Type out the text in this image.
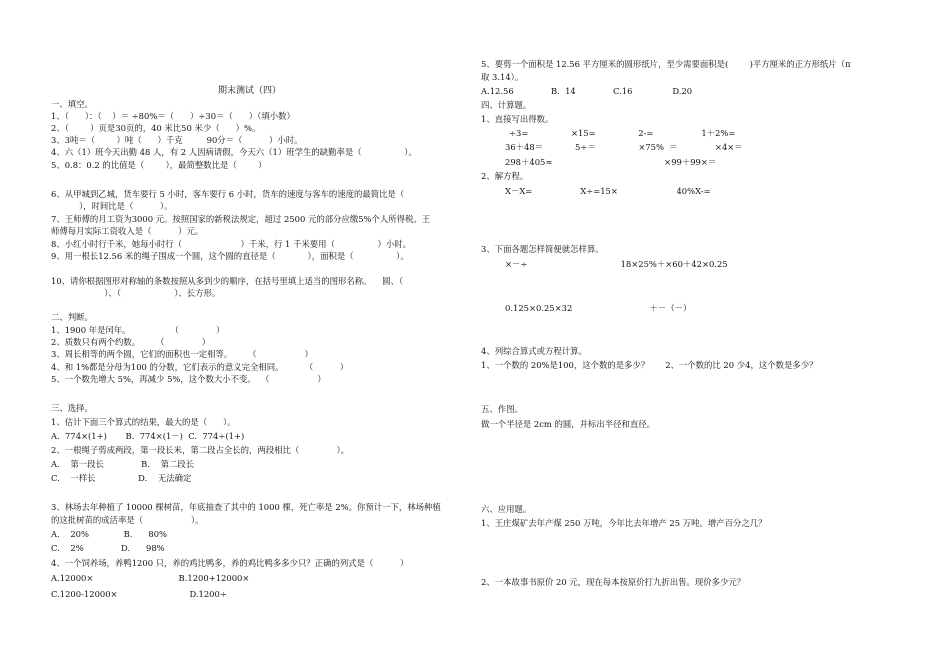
期末测试（四）
一、填空。
1、（      ）：（    ）＝ ÷80%＝（      ）÷30＝（      ）（填小数）
2、（        ）页是30页的，40 米比50 米少（      ）%。
3、3吨＝（        ）吨（      ）千克         90分＝（          ）小时。
4、六（1）班今天出勤 48 人，有 2 人因病请假，今天六（1）班学生的缺勤率是（                ）。
5、0.8：0.2 的比值是（        ），最简整数比是（        ）
6、从甲城到乙城，货车要行 5 小时，客车要行 6 小时，货车的速度与客车的速度的最简比是（
），时间比是（          ）。
7、王师傅的月工资为3000 元。按照国家的新税法规定，超过 2500 元的部分应缴5%个人所得税。王
师傅每月实际工资收入是（          ）元。
8、小红小时行千米，她每小时行（                      ）千米，行 1 千米要用（                ）小时。
9、用一根长12.56 米的绳子围成一个圆，这个圆的直径是（            ），面积是（                ）。
10、请你根据图形对称轴的条数按照从多到少的顺序，在括号里填上适当的图形名称。    圆、（
）、（                    ）、长方形。
二、判断。
1、1900 年是闰年。               （              ）
2、质数只有两个约数。      （              ）
3、周长相等的两个圆，它们的面积也一定相等。      （                  ）
4、和 1%都是分母为100 的分数，它们表示的意义完全相同。        （          ）
5、一个数先增大 5%，再减少 5%，这个数大小不变。  （                  ）
三、选择。
1、估计下面三个算式的结果，最大的是（      ）。
A.  774×(1+)       B.  774×(1－)  C.  774÷(1+)
2、一根绳子剪成两段，第一段长米，第二段占全长的，两段相比（              ）。
A.    第一段长              B.    第二段长
C.    一样长                D.    无法确定
3、林场去年种植了 10000 棵树苗，年底抽查了其中的 1000 棵，死亡率是 2%。你预计一下，林场种植
的这批树苗的成活率是（                  ）。
A.    20%             B.      80%
C.    2%              D.      98%
4、一个饲养场，养鸭1200 只，养的鸡比鸭多，养的鸡比鸭多多少只？正确的列式是（          ）
A.12000×                                B.1200+12000×
C.1200-12000×                           D.1200÷
5、要剪一个面积是 12.56 平方厘米的圆形纸片，至少需要面积是(        )平方厘米的正方形纸片（π
取 3.14）。
A.12.56              B.  14              C.16               D.20
四、计算题。
1、直接写出得数。
÷3=                ×15=                2-=                  1＋2%=
36＋48＝            5÷＝                ×75%  ＝              ×4×＝
298＋405≈                                          ×99＋99×＝
2、解方程。
X－X=                  X÷=15×                      40%X-=
3、下面各题怎样简便就怎样算。
×－÷                                   18×25%＋×60＋42×0.25
0.125×0.25×32                             ＋－（－）
4、列综合算式或方程计算。
1、一个数的 20%是100，这个数的是多少？      2、一个数的比 20 少4，这个数是多少？
五、作图。
做一个半径是 2cm 的圆，并标出半径和直径。
六、应用题。
1、王庄煤矿去年产煤 250 万吨，今年比去年增产 25 万吨。增产百分之几？
2、一本故事书原价 20 元，现在每本按原价打九折出售。现价多少元？
